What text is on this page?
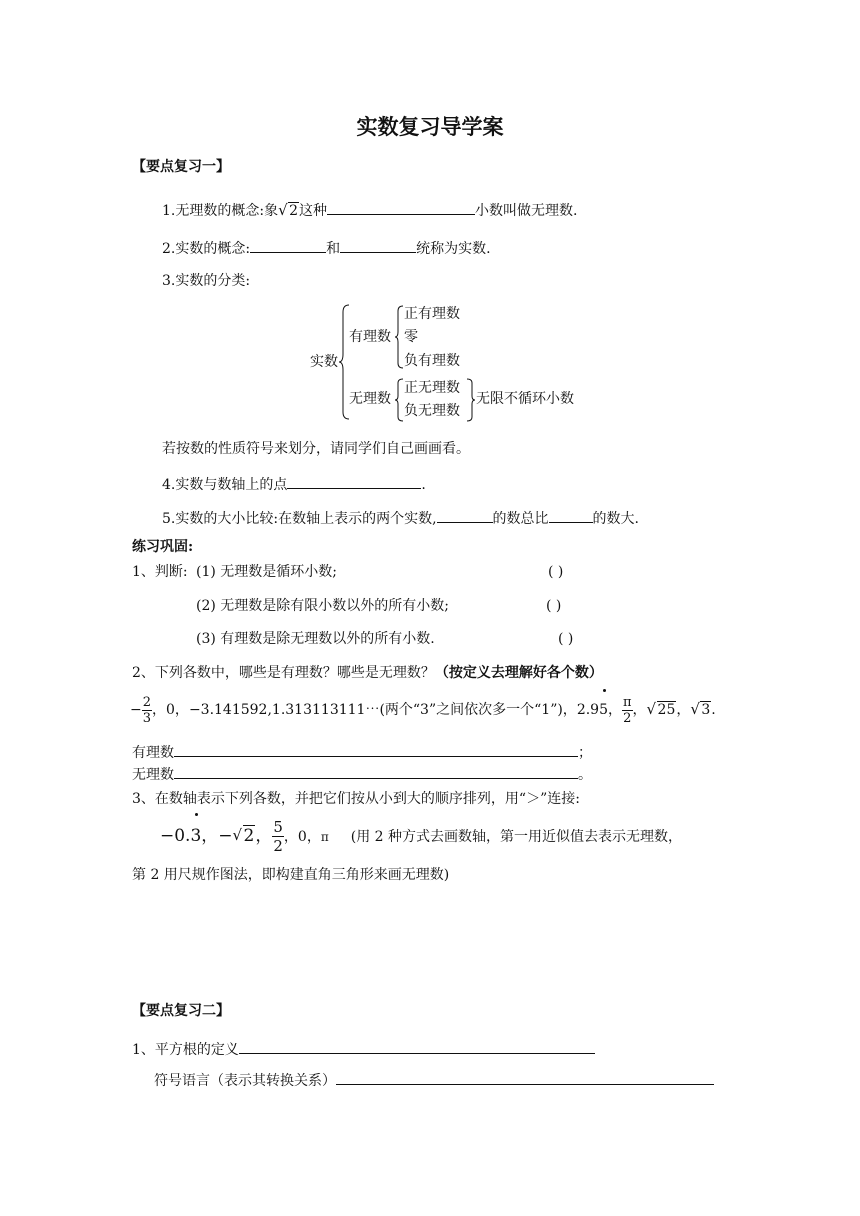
实数复习导学案
【要点复习一】
1.无理数的概念:象 √ 2这种	小数叫做无理数.
2.实数的概念:	和	统称为实数.
3.实数的分类:
实数
有理数
正有理数
零
负有理数
无理数
正无理数
负无理数
无限不循环小数
若按数的性质符号来划分，请同学们自己画画看。
4.实数与数轴上的点	.
5.实数的大小比较:在数轴上表示的两个实数,	的数总比	的数大.
练习巩固:
1、判断: (1) 无理数是循环小数;	( )
(2) 无理数是除有限小数以外的所有小数;	( )
(3) 有理数是除无理数以外的所有小数.	( )
2、下列各数中，哪些是有理数？哪些是无理数？（按定义去理解好各个数）
− $\frac{2}{3}$ ，0，−3.141592,1.313113111⋯(两个“3”之间依次多一个“1”)，2.95， $\frac{\pi}{2}$ ， √ 25， √ 3.
有理数	；
无理数	。
3、在数轴表示下列各数，并把它们按从小到大的顺序排列，用“＞”连接:
−0.3，− √ 2， $\frac{5}{2}$ ，0，π (用 2 种方式去画数轴，第一用近似值去表示无理数，
第 2 用尺规作图法，即构建直角三角形来画无理数)
【要点复习二】
1、平方根的定义
符号语言（表示其转换关系）
